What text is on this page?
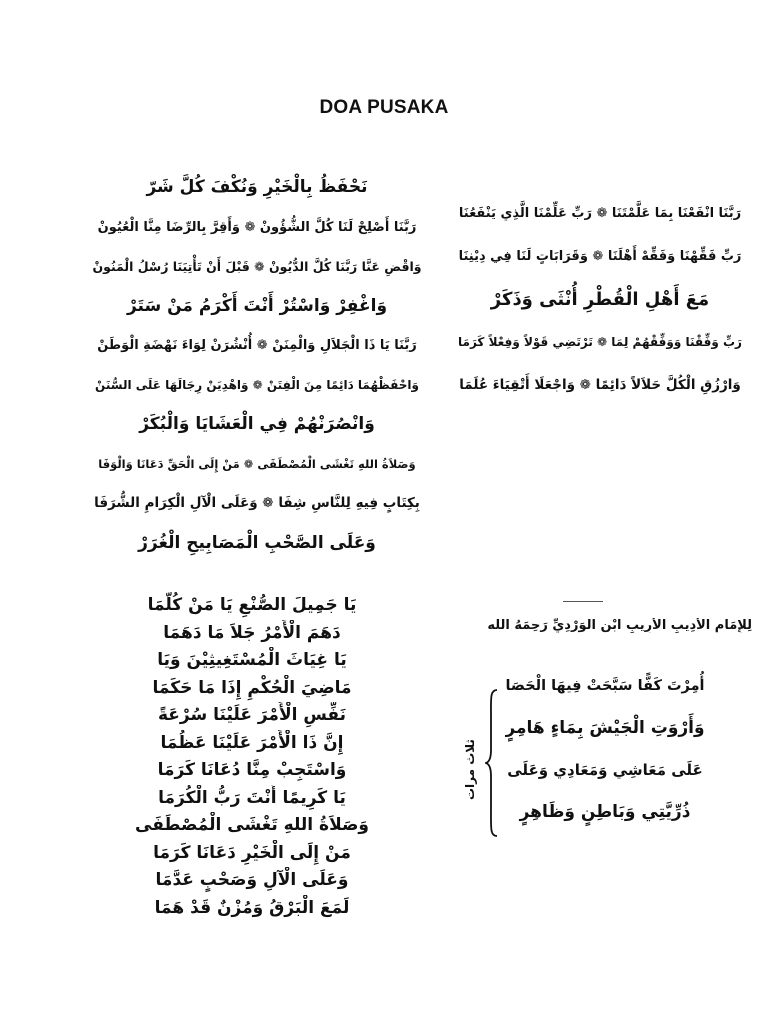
DOA PUSAKA
رَبَّنَا انْفَعْنَا بِمَا عَلَّمْتَنَا ❁ رَبِّ عَلِّمْنَا الَّذِي يَنْفَعُنَا
رَبِّ فَقِّهْنَا وَفَقِّهْ أَهْلَنَا ❁ وَقَرَابَاتٍ لَنَا فِي دِيْنِنَا
مَعَ أَهْلِ الْقُطْرِ أُنْثَى وَذَكَرْ
رَبِّ وَفِّقْنَا وَوَفِّقْهُمْ لِمَا ❁ تَرْتَضِي قَوْلاً وَفِعْلاً كَرَمَا
وَارْزُقِ الْكُلَّ حَلاَلاً دَائِمًا ❁ وَاجْعَلَا أَتْقِيَاءَ عُلَمَا
نَحْفَظُ بِالْخَيْرِ وَنُكْفَ كُلَّ شَرّ
رَبَّنَا أَصْلِحْ لَنَا كُلَّ الشُّؤُونْ ❁ وَأَقِرَّ بِالرِّضَا مِنَّا الْعُيُونْ
وَاقْضِ عَنَّا رَبَّنَا كُلَّ الدُّيُونْ ❁ قَبْلَ أَنْ تَأْتِيَنَا رُسْلُ الْمَنُونْ
وَاغْفِرْ وَاسْتُرْ أَنْتَ أَكْرَمُ مَنْ سَتَرْ
رَبَّنَا يَا ذَا الْجَلاَلِ وَالْمِنَنْ ❁ أُنْشُرَنْ لِوَاءَ نَهْضَةِ الْوَطَنْ
وَاحْفَظْهُمَا دَائِمًا مِنَ الْفِتَنْ ❁ وَاهْدِيَنْ رِجَالَهَا عَلَى السُّنَنْ
وَانْصُرَنْهُمْ فِي الْعَشَايَا وَالْبُكَرْ
وَصَلاَةُ اللهِ تَغْشَى الْمُصْطَفَى ❁ مَنْ إِلَى الْحَقِّ دَعَانَا وَالْوَفَا
بِكِتَابٍ فِيهِ لِلنَّاسِ شِفَا ❁ وَعَلَى الْآلِ الْكِرَامِ الشُّرَفَا
وَعَلَى الصَّحْبِ الْمَصَابِيحِ الْغُرَرْ
يَا جَمِيلَ الصُّنْعِ يَا مَنْ كُلَّمَا
دَهَمَ الْأَمْرُ جَلاَ مَا دَهَمَا
يَا غِيَاثَ الْمُسْتَغِيثِيْنَ وَيَا
مَاضِيَ الْحُكْمِ إِذَا مَا حَكَمَا
نَفِّسِ الْأَمْرَ عَلَيْنَا سُرْعَةً
إِنَّ ذَا الْأَمْرَ عَلَيْنَا عَظُمَا
وَاسْتَجِبْ مِنَّا دُعَانَا كَرَمَا
يَا كَرِيمًا أَنْتَ رَبُّ الْكُرَمَا
وَصَلاَةُ اللهِ تَغْشَى الْمُصْطَفَى
مَنْ إِلَى الْخَيْرِ دَعَانَا كَرَمَا
وَعَلَى الْآلِ وَصَحْبٍ عَدَّمَا
لَمَعَ الْبَرْقُ وَمُزْنٌ قَدْ هَمَا
لِلْإِمَامِ الْأَدِيبِ الْأَرِيبِ ابْنِ الْوَرْدِيِّ رَحِمَهُ الله
أُمِرْتَ كَفًّا سَبَّحَتْ فِيهَا الْحَصَا
وَأَرْوَتِ الْجَيْشَ بِمَاءٍ هَامِرٍ
عَلَى مَعَاشِي وَمَعَادِي وَعَلَى
ذُرِّيَّتِي وَبَاطِنٍ وَظَاهِرٍ
ثلاث مرات
